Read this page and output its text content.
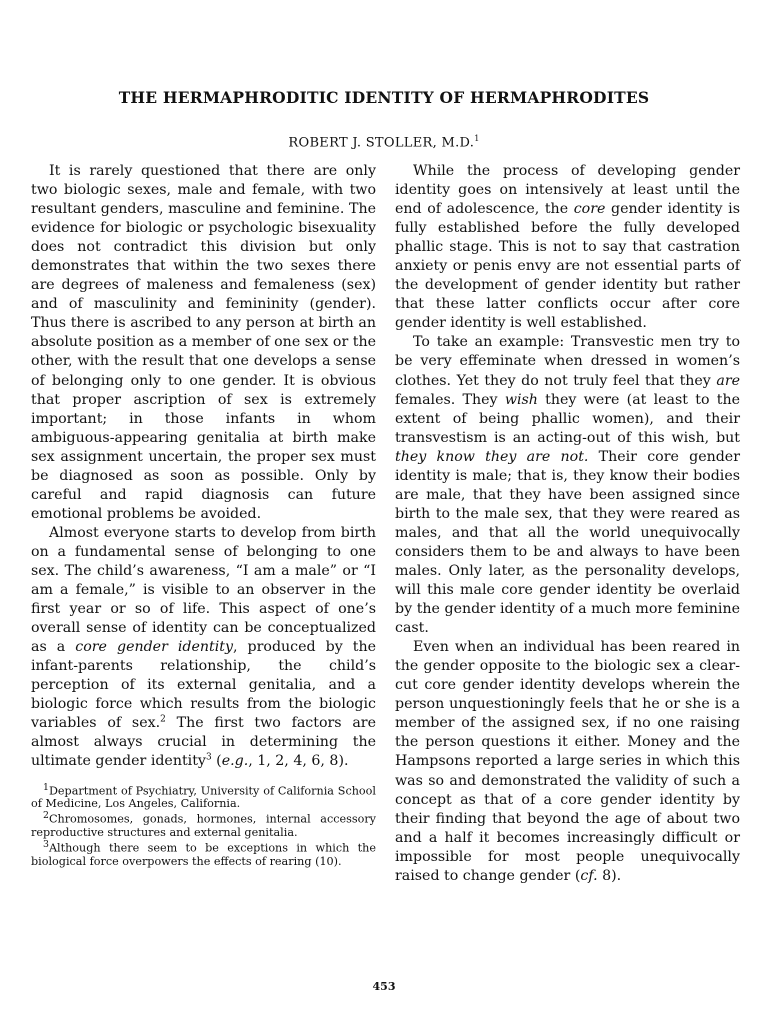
THE HERMAPHRODITIC IDENTITY OF HERMAPHRODITES
ROBERT J. STOLLER, M.D.$^1$

It is rarely questioned that there are only two biologic sexes, male and female, with two resultant genders, masculine and feminine. The evidence for biologic or psychologic bisexuality does not contradict this division but only demonstrates that within the two sexes there are degrees of maleness and femaleness (sex) and of masculinity and femininity (gender). Thus there is ascribed to any person at birth an absolute position as a member of one sex or the other, with the result that one develops a sense of belonging only to one gender. It is obvious that proper ascription of sex is extremely important; in those infants in whom ambiguous-appearing genitalia at birth make sex assignment uncertain, the proper sex must be diagnosed as soon as possible. Only by careful and rapid diagnosis can future emotional problems be avoided.

Almost everyone starts to develop from birth on a fundamental sense of belonging to one sex. The child’s awareness, “I am a male” or “I am a female,” is visible to an observer in the first year or so of life. This aspect of one’s overall sense of identity can be conceptualized as a core gender identity, produced by the infant-parents relationship, the child’s perception of its external genitalia, and a biologic force which results from the biologic variables of sex.$^2$ The first two factors are almost always crucial in determining the ultimate gender identity$^3$ (e.g., 1, 2, 4, 6, 8).

$^1$Department of Psychiatry, University of California School of Medicine, Los Angeles, California.

$^2$Chromosomes, gonads, hormones, internal accessory reproductive structures and external genitalia.

$^3$Although there seem to be exceptions in which the biological force overpowers the effects of rearing (10).

While the process of developing gender identity goes on intensively at least until the end of adolescence, the core gender identity is fully established before the fully developed phallic stage. This is not to say that castration anxiety or penis envy are not essential parts of the development of gender identity but rather that these latter conflicts occur after core gender identity is well established.

To take an example: Transvestic men try to be very effeminate when dressed in women’s clothes. Yet they do not truly feel that they are females. They wish they were (at least to the extent of being phallic women), and their transvestism is an acting-out of this wish, but they know they are not. Their core gender identity is male; that is, they know their bodies are male, that they have been assigned since birth to the male sex, that they were reared as males, and that all the world unequivocally considers them to be and always to have been males. Only later, as the personality develops, will this male core gender identity be overlaid by the gender identity of a much more feminine cast.

Even when an individual has been reared in the gender opposite to the biologic sex a clear-cut core gender identity develops wherein the person unquestioningly feels that he or she is a member of the assigned sex, if no one raising the person questions it either. Money and the Hampsons reported a large series in which this was so and demonstrated the validity of such a concept as that of a core gender identity by their finding that beyond the age of about two and a half it becomes increasingly difficult or impossible for most people unequivocally raised to change gender (cf. 8).

453
